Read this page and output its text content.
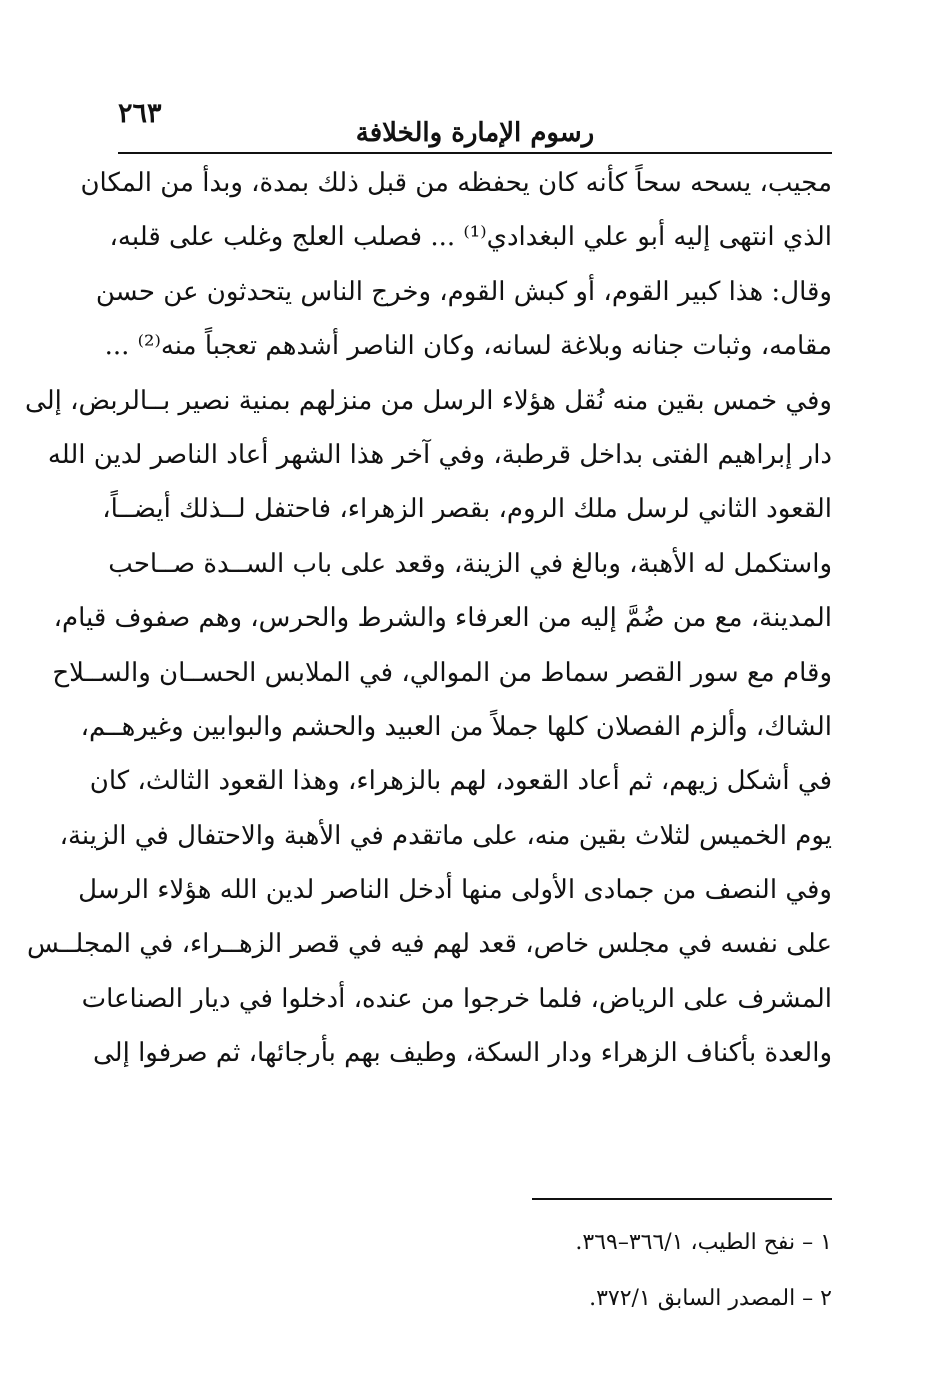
٢٦٣
رسوم الإمارة والخلافة
مجيب، يسحه سحاً كأنه كان يحفظه من قبل ذلك بمدة، وبدأ من المكان
الذي انتهى إليه أبو علي البغدادي⁽¹⁾ ... فصلب العلج وغلب على قلبه،
وقال: هذا كبير القوم، أو كبش القوم، وخرج الناس يتحدثون عن حسن
مقامه، وثبات جنانه وبلاغة لسانه، وكان الناصر أشدهم تعجباً منه⁽²⁾ ...
وفي خمس بقين منه نُقل هؤلاء الرسل من منزلهم بمنية نصير بــالربض، إلى
دار إبراهيم الفتى بداخل قرطبة، وفي آخر هذا الشهر أعاد الناصر لدين الله
القعود الثاني لرسل ملك الروم، بقصر الزهراء، فاحتفل لــذلك أيضــاً،
واستكمل له الأهبة، وبالغ في الزينة، وقعد على باب الســدة صــاحب
المدينة، مع من ضُمَّ إليه من العرفاء والشرط والحرس، وهم صفوف قيام،
وقام مع سور القصر سماط من الموالي، في الملابس الحســان والســلاح
الشاك، وألزم الفصلان كلها جملاً من العبيد والحشم والبوابين وغيرهــم،
في أشكل زيهم، ثم أعاد القعود، لهم بالزهراء، وهذا القعود الثالث، كان
يوم الخميس لثلاث بقين منه، على ماتقدم في الأهبة والاحتفال في الزينة،
وفي النصف من جمادى الأولى منها أدخل الناصر لدين الله هؤلاء الرسل
على نفسه في مجلس خاص، قعد لهم فيه في قصر الزهــراء، في المجلــس
المشرف على الرياض، فلما خرجوا من عنده، أدخلوا في ديار الصناعات
والعدة بأكناف الزهراء ودار السكة، وطيف بهم بأرجائها، ثم صرفوا إلى
١ – نفح الطيب، ٣٦٦/١–٣٦٩.
٢ – المصدر السابق ٣٧٢/١.
